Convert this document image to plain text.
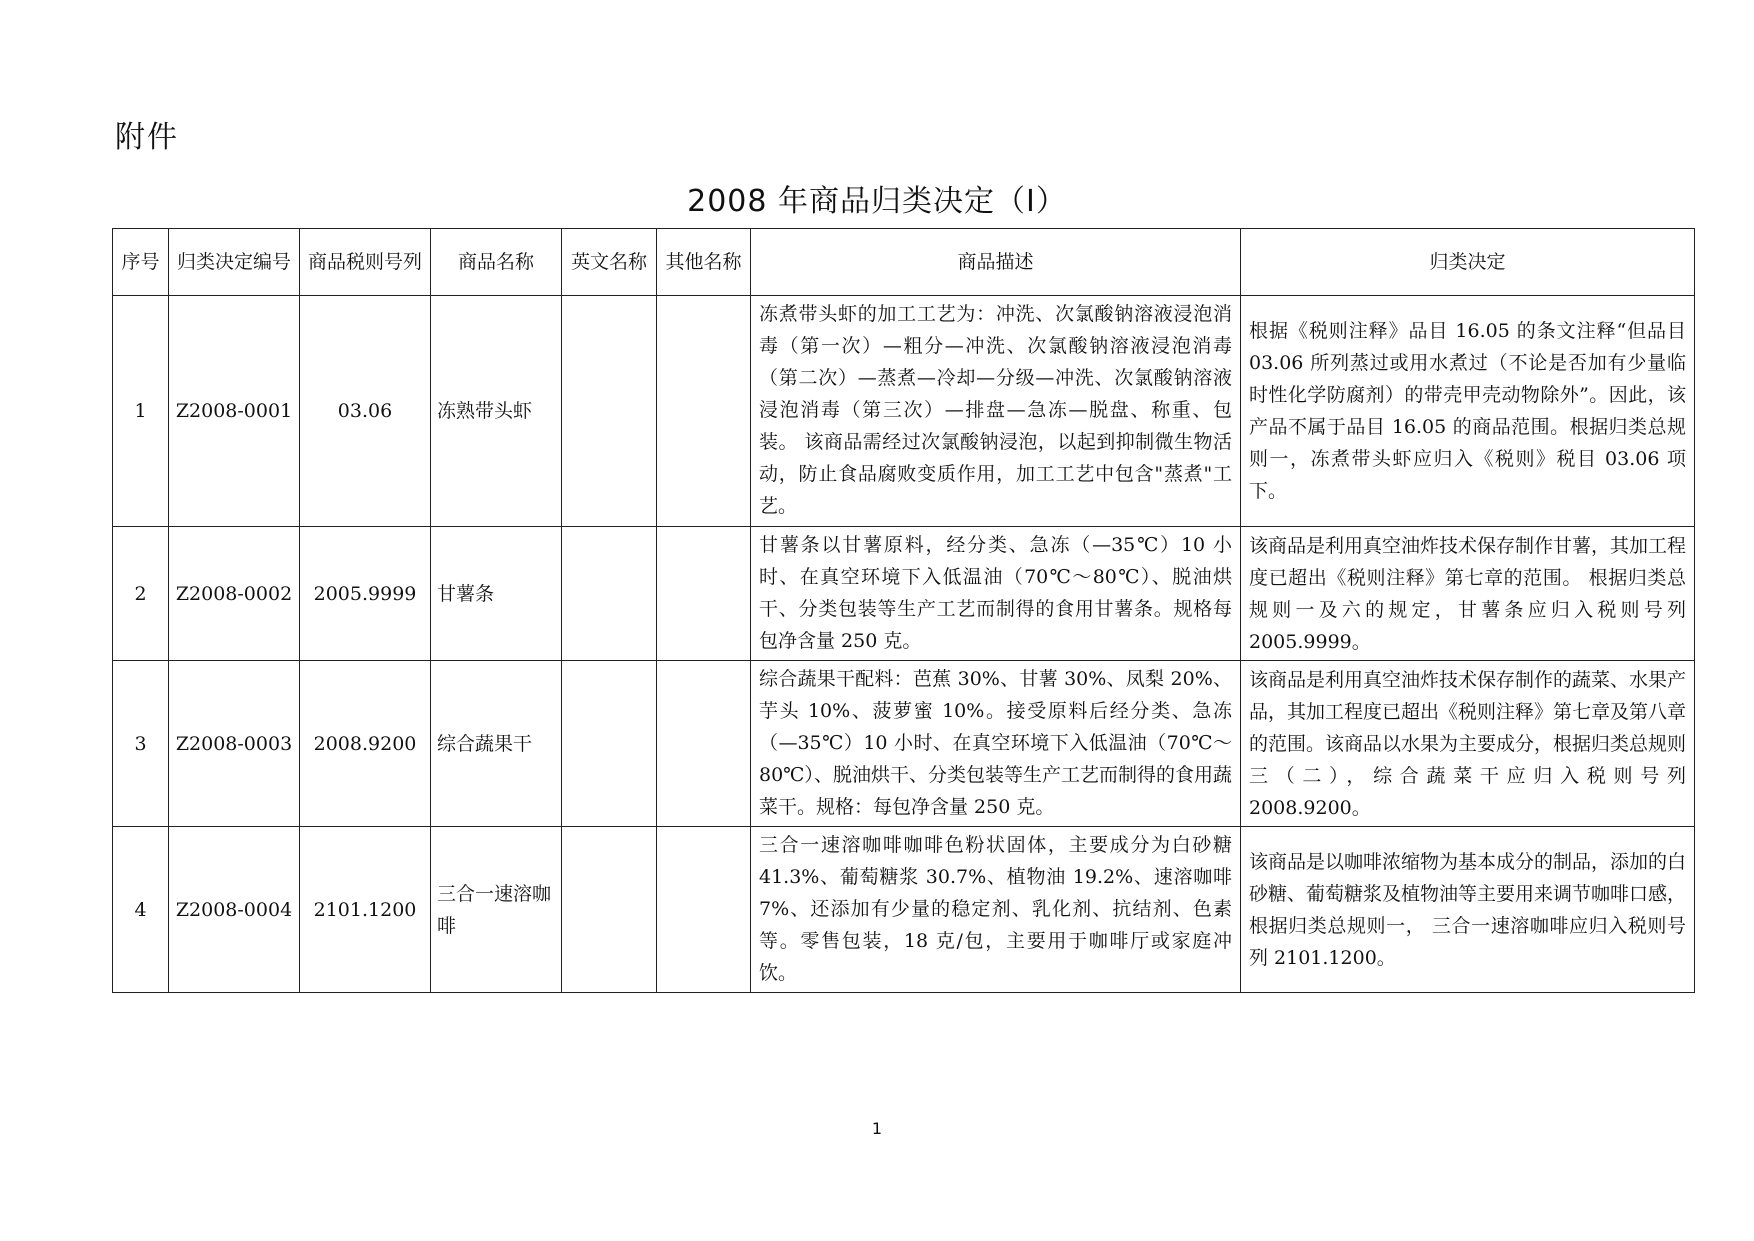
附件
2008 年商品归类决定（Ⅰ）
序号	归类决定编号	商品税则号列	商品名称	英文名称	其他名称	商品描述	归类决定
1	Z2008-0001	03.06	冻熟带头虾			冻煮带头虾的加工工艺为：冲洗、次氯酸钠溶液浸泡消毒（第一次）—粗分—冲洗、次氯酸钠溶液浸泡消毒（第二次）—蒸煮—冷却—分级—冲洗、次氯酸钠溶液浸泡消毒（第三次）—排盘—急冻—脱盘、称重、包装。 该商品需经过次氯酸钠浸泡，以起到抑制微生物活动，防止食品腐败变质作用，加工工艺中包含"蒸煮"工艺。	根据《税则注释》品目 16.05 的条文注释“但品目 03.06 所列蒸过或用水煮过（不论是否加有少量临时性化学防腐剂）的带壳甲壳动物除外”。因此，该产品不属于品目 16.05 的商品范围。根据归类总规则一，冻煮带头虾应归入《税则》税目 03.06 项下。
2	Z2008-0002	2005.9999	甘薯条			甘薯条以甘薯原料，经分类、急冻（—35℃）10 小时、在真空环境下入低温油（70℃～80℃）、脱油烘干、分类包装等生产工艺而制得的食用甘薯条。规格每包净含量 250 克。	该商品是利用真空油炸技术保存制作甘薯，其加工程度已超出《税则注释》第七章的范围。 根据归类总规则一及六的规定，甘薯条应归入税则号列 2005.9999。
3	Z2008-0003	2008.9200	综合蔬果干			综合蔬果干配料：芭蕉 30%、甘薯 30%、凤梨 20%、芋头 10%、菠萝蜜 10%。接受原料后经分类、急冻（—35℃）10 小时、在真空环境下入低温油（70℃～80℃）、脱油烘干、分类包装等生产工艺而制得的食用蔬菜干。规格：每包净含量 250 克。	该商品是利用真空油炸技术保存制作的蔬菜、水果产品，其加工程度已超出《税则注释》第七章及第八章的范围。该商品以水果为主要成分，根据归类总规则三（二），综合蔬菜干应归入税则号列 2008.9200。
4	Z2008-0004	2101.1200	三合一速溶咖啡			三合一速溶咖啡咖啡色粉状固体，主要成分为白砂糖 41.3%、葡萄糖浆 30.7%、植物油 19.2%、速溶咖啡 7%、还添加有少量的稳定剂、乳化剂、抗结剂、色素等。零售包装，18 克/包，主要用于咖啡厅或家庭冲饮。	该商品是以咖啡浓缩物为基本成分的制品，添加的白砂糖、葡萄糖浆及植物油等主要用来调节咖啡口感， 根据归类总规则一， 三合一速溶咖啡应归入税则号列 2101.1200。
1
